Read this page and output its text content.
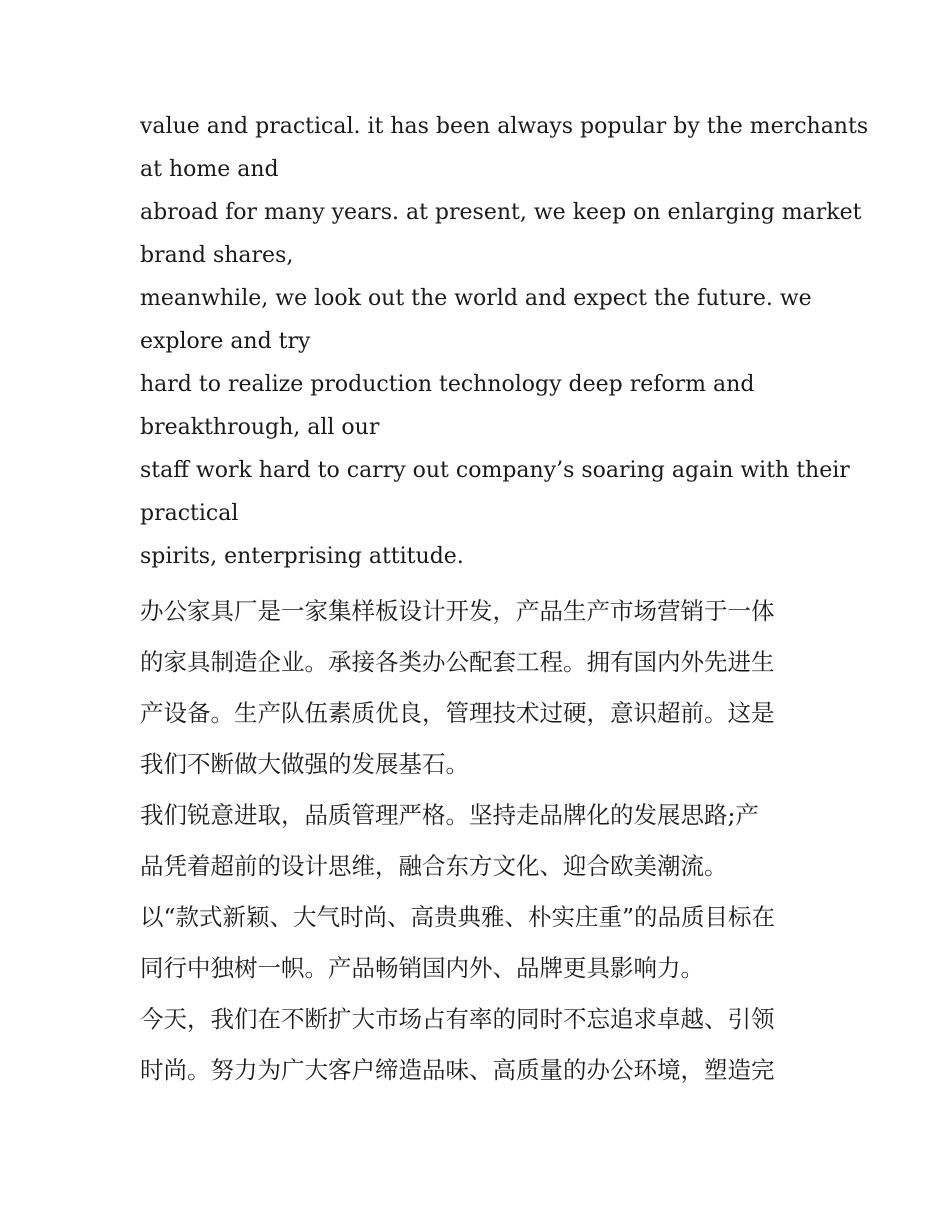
value and practical. it has been always popular by the merchants
at home and
abroad for many years. at present, we keep on enlarging market
brand shares,
meanwhile, we look out the world and expect the future. we
explore and try
hard to realize production technology deep reform and
breakthrough, all our
staff work hard to carry out company’s soaring again with their
practical
spirits, enterprising attitude.

办公家具厂是一家集样板设计开发，产品生产市场营销于一体
的家具制造企业。承接各类办公配套工程。拥有国内外先进生
产设备。生产队伍素质优良，管理技术过硬，意识超前。这是
我们不断做大做强的发展基石。

我们锐意进取，品质管理严格。坚持走品牌化的发展思路;产
品凭着超前的设计思维，融合东方文化、迎合欧美潮流。

以“款式新颖、大气时尚、高贵典雅、朴实庄重”的品质目标在
同行中独树一帜。产品畅销国内外、品牌更具影响力。

今天，我们在不断扩大市场占有率的同时不忘追求卓越、引领
时尚。努力为广大客户缔造品味、高质量的办公环境，塑造完
